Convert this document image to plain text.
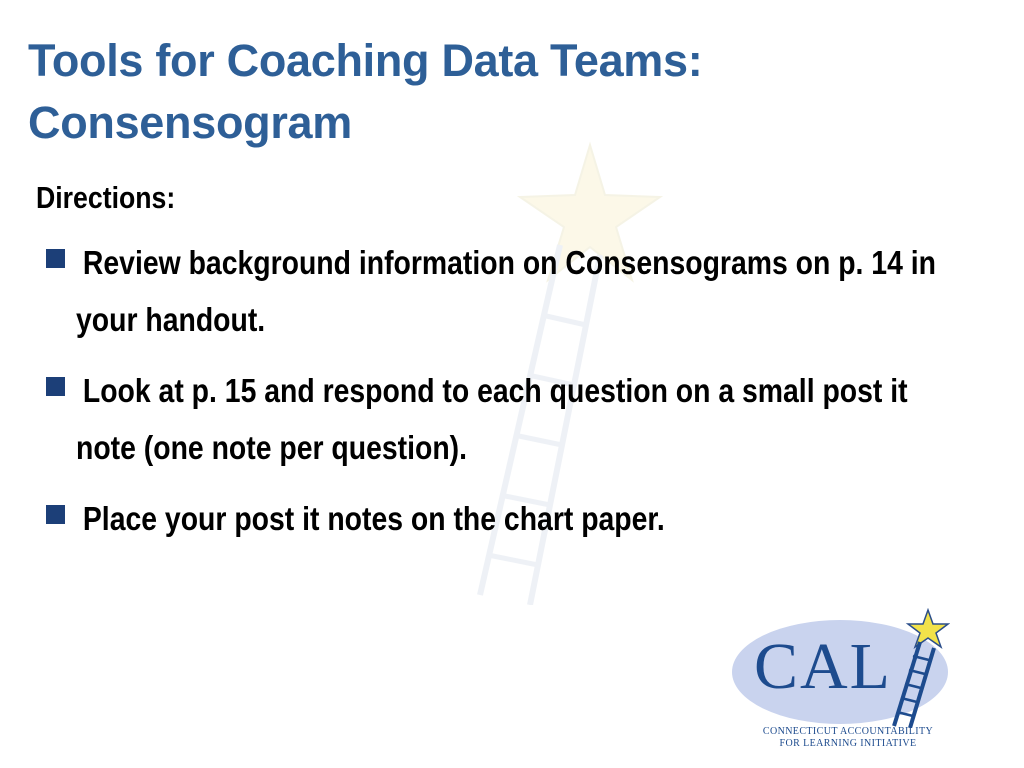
Tools for Coaching Data Teams:
Consensogram

Directions:

Review background information on Consensograms on p. 14 in your handout.
Look at p. 15 and respond to each question on a small post it note (one note per question).
Place your post it notes on the chart paper.
CAL
CONNECTICUT ACCOUNTABILITY
FOR LEARNING INITIATIVE
